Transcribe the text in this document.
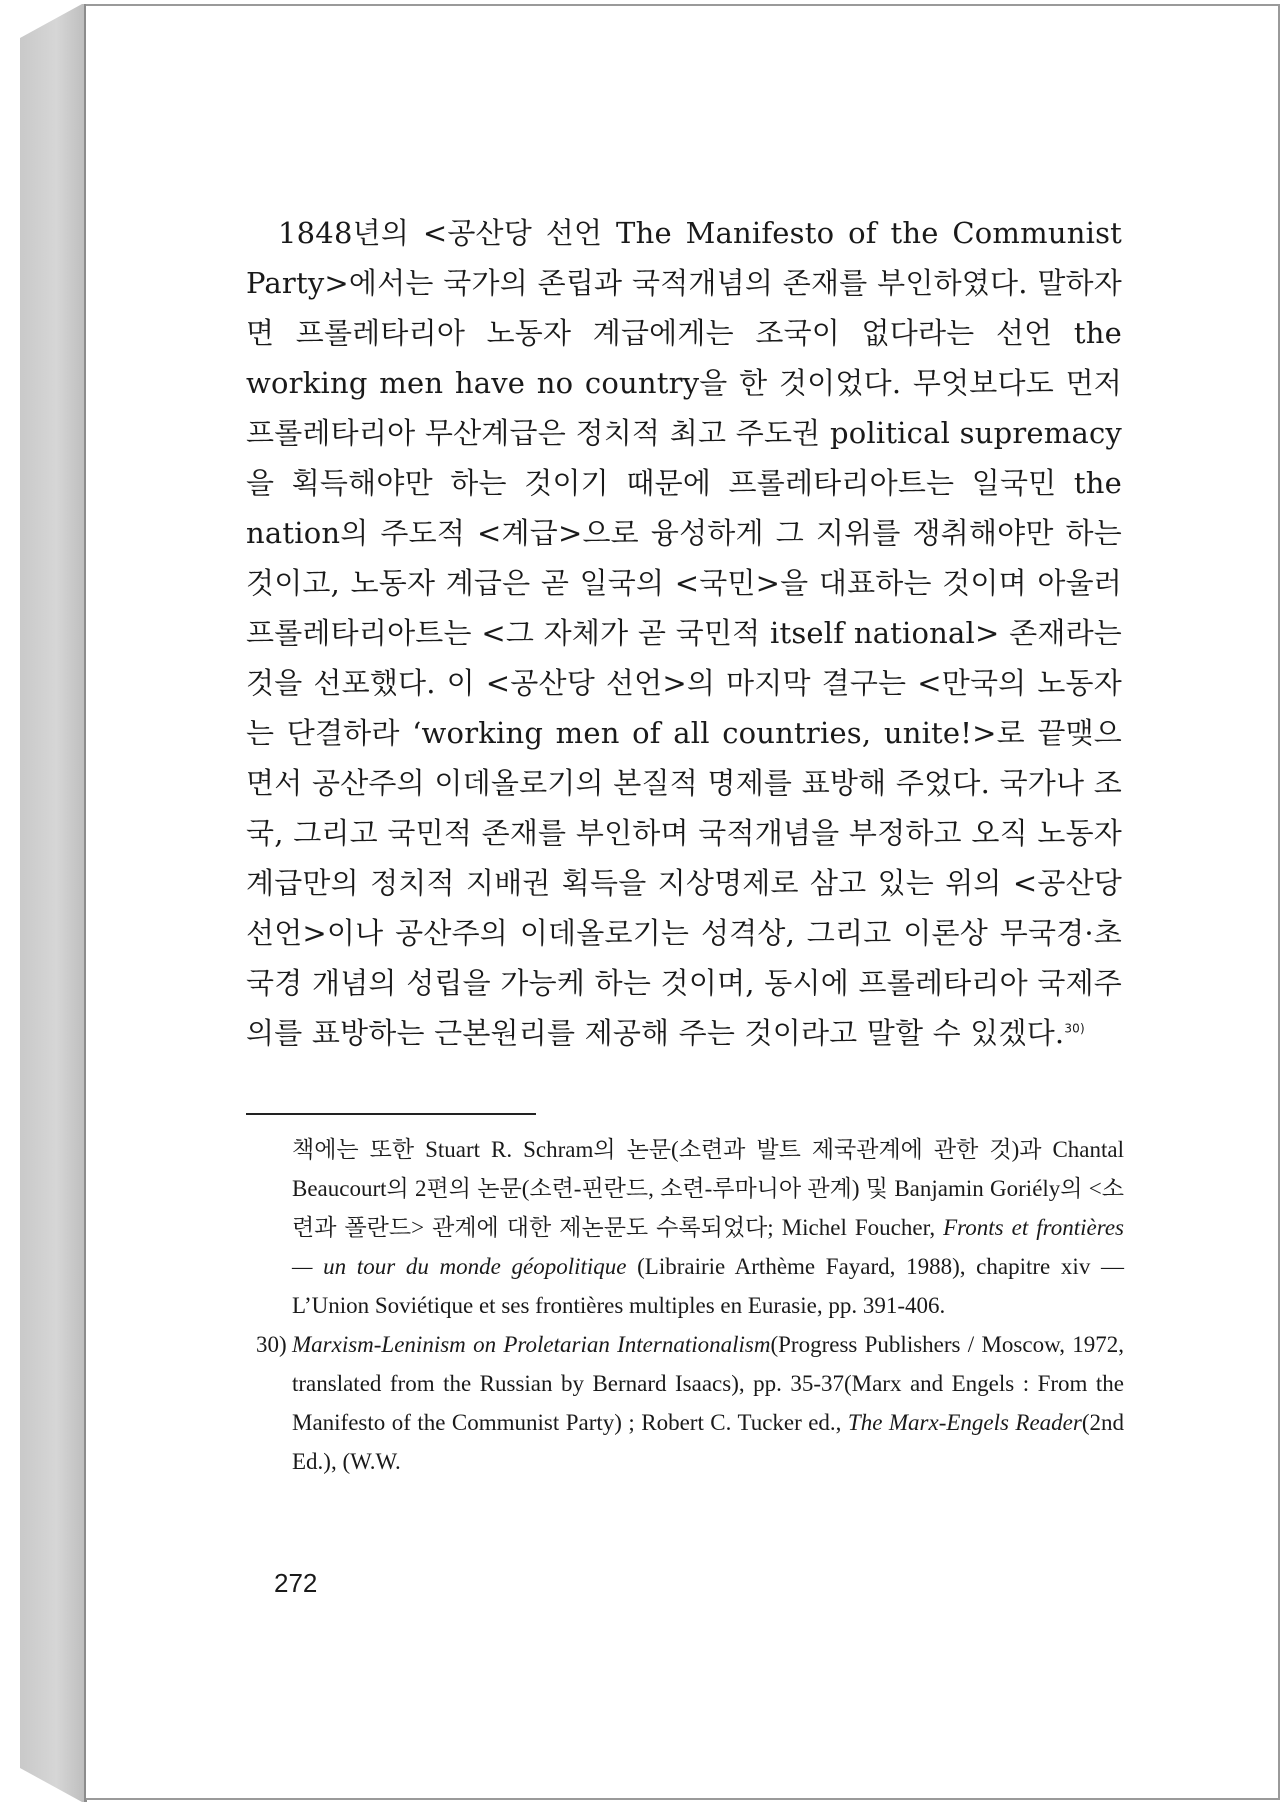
1848년의 <공산당 선언 The Manifesto of the Communist Party>에서는 국가의 존립과 국적개념의 존재를 부인하였다. 말하자면 프롤레타리아 노동자 계급에게는 조국이 없다라는 선언 the working men have no country을 한 것이었다. 무엇보다도 먼저 프롤레타리아 무산계급은 정치적 최고 주도권 political supremacy을 획득해야만 하는 것이기 때문에 프롤레타리아트는 일국민 the nation의 주도적 <계급>으로 융성하게 그 지위를 쟁취해야만 하는 것이고, 노동자 계급은 곧 일국의 <국민>을 대표하는 것이며 아울러 프롤레타리아트는 <그 자체가 곧 국민적 itself national> 존재라는 것을 선포했다. 이 <공산당 선언>의 마지막 결구는 <만국의 노동자는 단결하라 ‘working men of all countries, unite!>로 끝맺으면서 공산주의 이데올로기의 본질적 명제를 표방해 주었다. 국가나 조국, 그리고 국민적 존재를 부인하며 국적개념을 부정하고 오직 노동자 계급만의 정치적 지배권 획득을 지상명제로 삼고 있는 위의 <공산당 선언>이나 공산주의 이데올로기는 성격상, 그리고 이론상 무국경·초국경 개념의 성립을 가능케 하는 것이며, 동시에 프롤레타리아 국제주의를 표방하는 근본원리를 제공해 주는 것이라고 말할 수 있겠다.$^{30)}$
책에는 또한 Stuart R. Schram의 논문(소련과 발트 제국관계에 관한 것)과 Chantal Beaucourt의 2편의 논문(소련-핀란드, 소련-루마니아 관계) 및 Banjamin Goriély의 <소련과 폴란드> 관계에 대한 제논문도 수록되었다; Michel Foucher, Fronts et frontières — un tour du monde géopolitique (Librairie Arthème Fayard, 1988), chapitre xiv — L’Union Soviétique et ses frontières multiples en Eurasie, pp. 391-406.
30) Marxism-Leninism on Proletarian Internationalism(Progress Publishers / Moscow, 1972, translated from the Russian by Bernard Isaacs), pp. 35-37(Marx and Engels : From the Manifesto of the Communist Party) ; Robert C. Tucker ed., The Marx-Engels Reader(2nd Ed.), (W.W.
272
